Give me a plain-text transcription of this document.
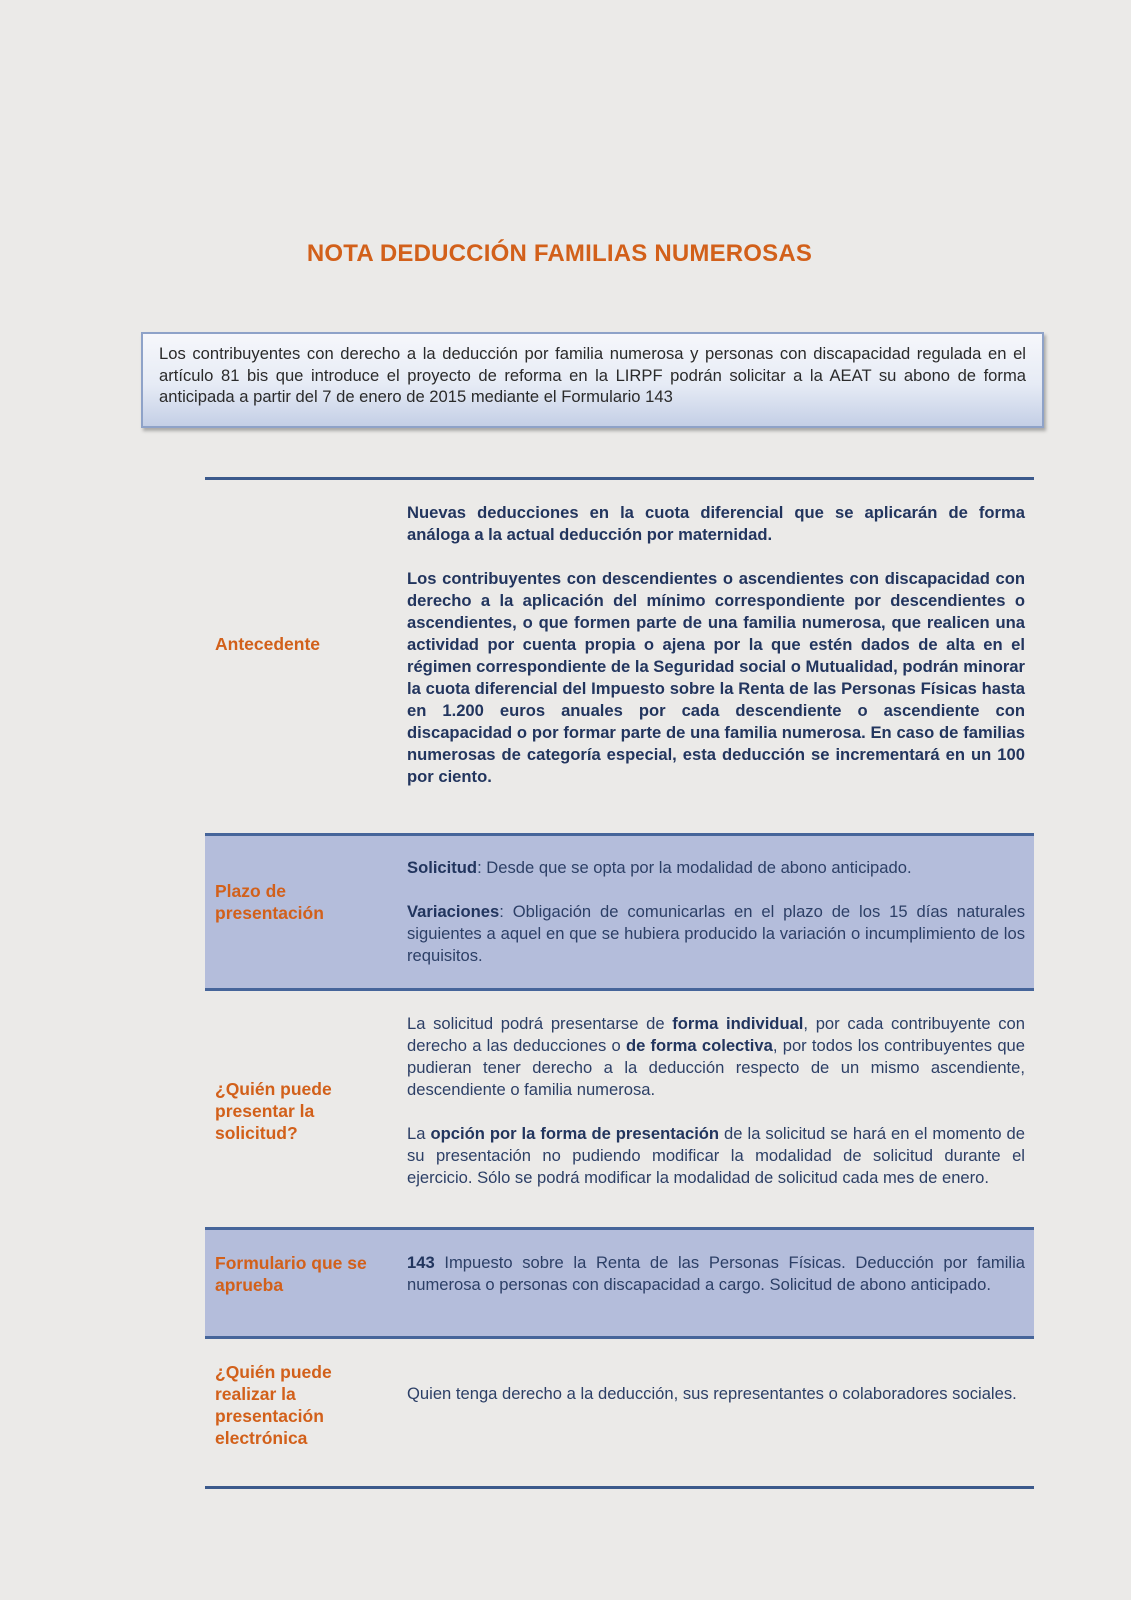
NOTA DEDUCCIÓN FAMILIAS NUMEROSAS
Los contribuyentes con derecho a la deducción por familia numerosa y personas con discapacidad regulada en el artículo 81 bis que introduce el proyecto de reforma en la LIRPF podrán solicitar a la AEAT su abono de forma anticipada a partir del 7 de enero de 2015 mediante el Formulario 143
Antecedente

Nuevas deducciones en la cuota diferencial que se aplicarán de forma análoga a la actual deducción por maternidad.

Los contribuyentes con descendientes o ascendientes con discapacidad con derecho a la aplicación del mínimo correspondiente por descendientes o ascendientes, o que formen parte de una familia numerosa, que realicen una actividad por cuenta propia o ajena por la que estén dados de alta en el régimen correspondiente de la Seguridad social o Mutualidad, podrán minorar la cuota diferencial del Impuesto sobre la Renta de las Personas Físicas hasta en 1.200 euros anuales por cada descendiente o ascendiente con discapacidad o por formar parte de una familia numerosa. En caso de familias numerosas de categoría especial, esta deducción se incrementará en un 100 por ciento.

Plazo de presentación

Solicitud: Desde que se opta por la modalidad de abono anticipado.

Variaciones: Obligación de comunicarlas en el plazo de los 15 días naturales siguientes a aquel en que se hubiera producido la variación o incumplimiento de los requisitos.

¿Quién puede presentar la solicitud?

La solicitud podrá presentarse de forma individual, por cada contribuyente con derecho a las deducciones o de forma colectiva, por todos los contribuyentes que pudieran tener derecho a la deducción respecto de un mismo ascendiente, descendiente o familia numerosa.

La opción por la forma de presentación de la solicitud se hará en el momento de su presentación no pudiendo modificar la modalidad de solicitud durante el ejercicio. Sólo se podrá modificar la modalidad de solicitud cada mes de enero.

Formulario que se aprueba

143 Impuesto sobre la Renta de las Personas Físicas. Deducción por familia numerosa o personas con discapacidad a cargo. Solicitud de abono anticipado.

¿Quién puede realizar la presentación electrónica

Quien tenga derecho a la deducción, sus representantes o colaboradores sociales.
